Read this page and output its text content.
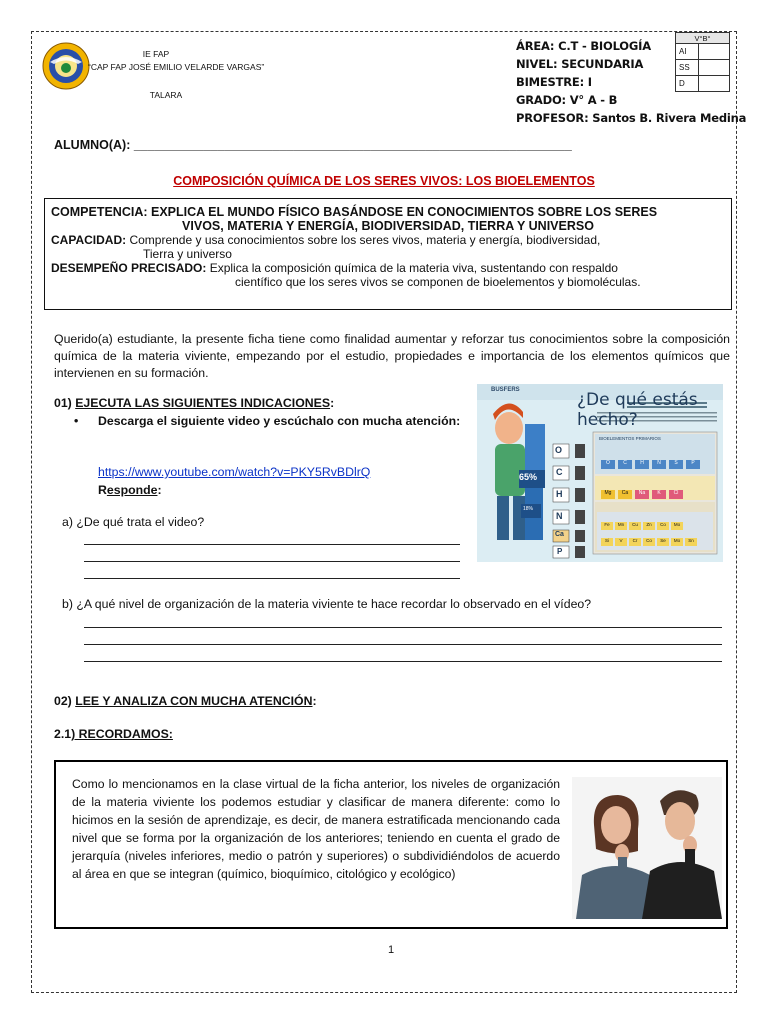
IE FAP
“CAP FAP JOSÉ EMILIO VELARDE VARGAS”
TALARA
ÁREA: C.T - BIOLOGÍA
NIVEL: SECUNDARIA
BIMESTRE: I
GRADO: V° A - B
PROFESOR: Santos B. Rivera Medina
V°B°	
AI	
SS	
D	
ALUMNO(A): _______________________________________________________________
COMPOSICIÓN QUÍMICA DE LOS SERES VIVOS: LOS BIOELEMENTOS
COMPETENCIA: EXPLICA EL MUNDO FÍSICO BASÁNDOSE EN CONOCIMIENTOS SOBRE LOS SERES
VIVOS, MATERIA Y ENERGÍA, BIODIVERSIDAD, TIERRA Y UNIVERSO
CAPACIDAD: Comprende y usa conocimientos sobre los seres vivos, materia y energía, biodiversidad,
Tierra y universo
DESEMPEÑO PRECISADO: Explica la composición química de la materia viva, sustentando con respaldo
científico que los seres vivos se componen de bioelementos y biomoléculas.
Querido(a) estudiante, la presente ficha tiene como finalidad aumentar y reforzar tus conocimientos sobre la composición química de la materia viviente, empezando por el estudio, propiedades e importancia de los elementos químicos que intervienen en su formación.
01) EJECUTA LAS SIGUIENTES INDICACIONES:
•	Descarga el siguiente video y escúchalo con mucha atención:
https://www.youtube.com/watch?v=PKY5RvBDlrQ
Responde:
a) ¿De qué trata el video?
BUSFERS	¿De qué estás hecho?
65%
18%
O
C
H
N
Ca
P
BIOELEMENTOS PRIMARIOS
O	C	H	N	S	P
Mg	Ca	Na	K	Cl
Fe	Mn	Cu	Zn	Co	Mo
Si	V	Cr	Co	Se	Mo	Sn
b) ¿A qué nivel de organización de la materia viviente te hace recordar lo observado en el vídeo?
02) LEE Y ANALIZA CON MUCHA ATENCIÓN:
2.1) RECORDAMOS:
Como lo mencionamos en la clase virtual de la ficha anterior, los niveles de organización de la materia viviente los podemos estudiar y clasificar de manera diferente: como lo hicimos en la sesión de aprendizaje, es decir, de manera estratificada mencionando cada nivel que se forma por la organización de los anteriores; teniendo en cuenta el grado de jerarquía (niveles inferiores, medio o patrón y superiores) o subdividiéndolos de acuerdo al área en que se integran (químico, bioquímico, citológico y ecológico)
1
